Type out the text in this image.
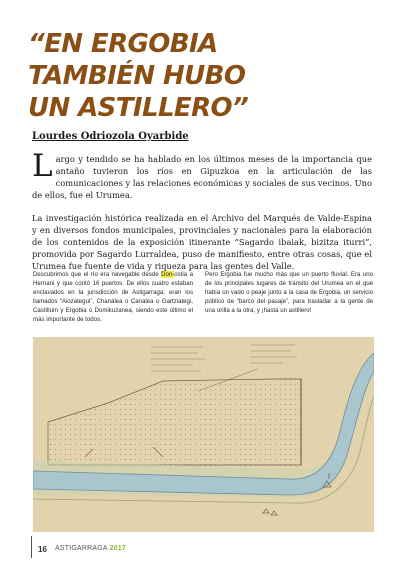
“EN ERGOBIA
TAMBIÉN HUBO
UN ASTILLERO”
Lourdes Odriozola Oyarbide
Largo y tendido se ha hablado en los últimos meses de la importancia que antaño tuvieron los ríos en Gipuzkoa en la articulación de las comunicaciones y las relaciones económicas y sociales de sus vecinos. Uno de ellos, fue el Urumea.
La investigación histórica realizada en el Archivo del Marqués de Valde-Espina y en diversos fondos municipales, provinciales y nacionales para la elaboración de los contenidos de la exposición itinerante “Sagardo ibaiak, bizitza iturri”, promovida por Sagardo Lurraldea, puso de manifiesto, entre otras cosas, que el Urumea fue fuente de vida y riqueza para las gentes del Valle.
Descubrimos que el río era navegable desde Don-ostia a Hernani y que contó 16 puertos. De ellos cuatro estaban enclavados en la jurisdicción de Astigarraga; eran los llamados “Aiozategui”, Chanálea o Canalea o Gartziategi, Castillum y Ergobia o Domikuzanea, siendo este último el más importante de todos.
Pero Ergobia fue mucho más que un puerto fluvial. Era uno de los principales lugares de tránsito del Urumea en el que había un vado o peaje junto a la casa de Ergobia, un servicio público de “barco del pasaje”, para trasladar a la gente de una orilla a la otra, y ¡hasta un astillero!
16 ASTIGARRAGA 2017
